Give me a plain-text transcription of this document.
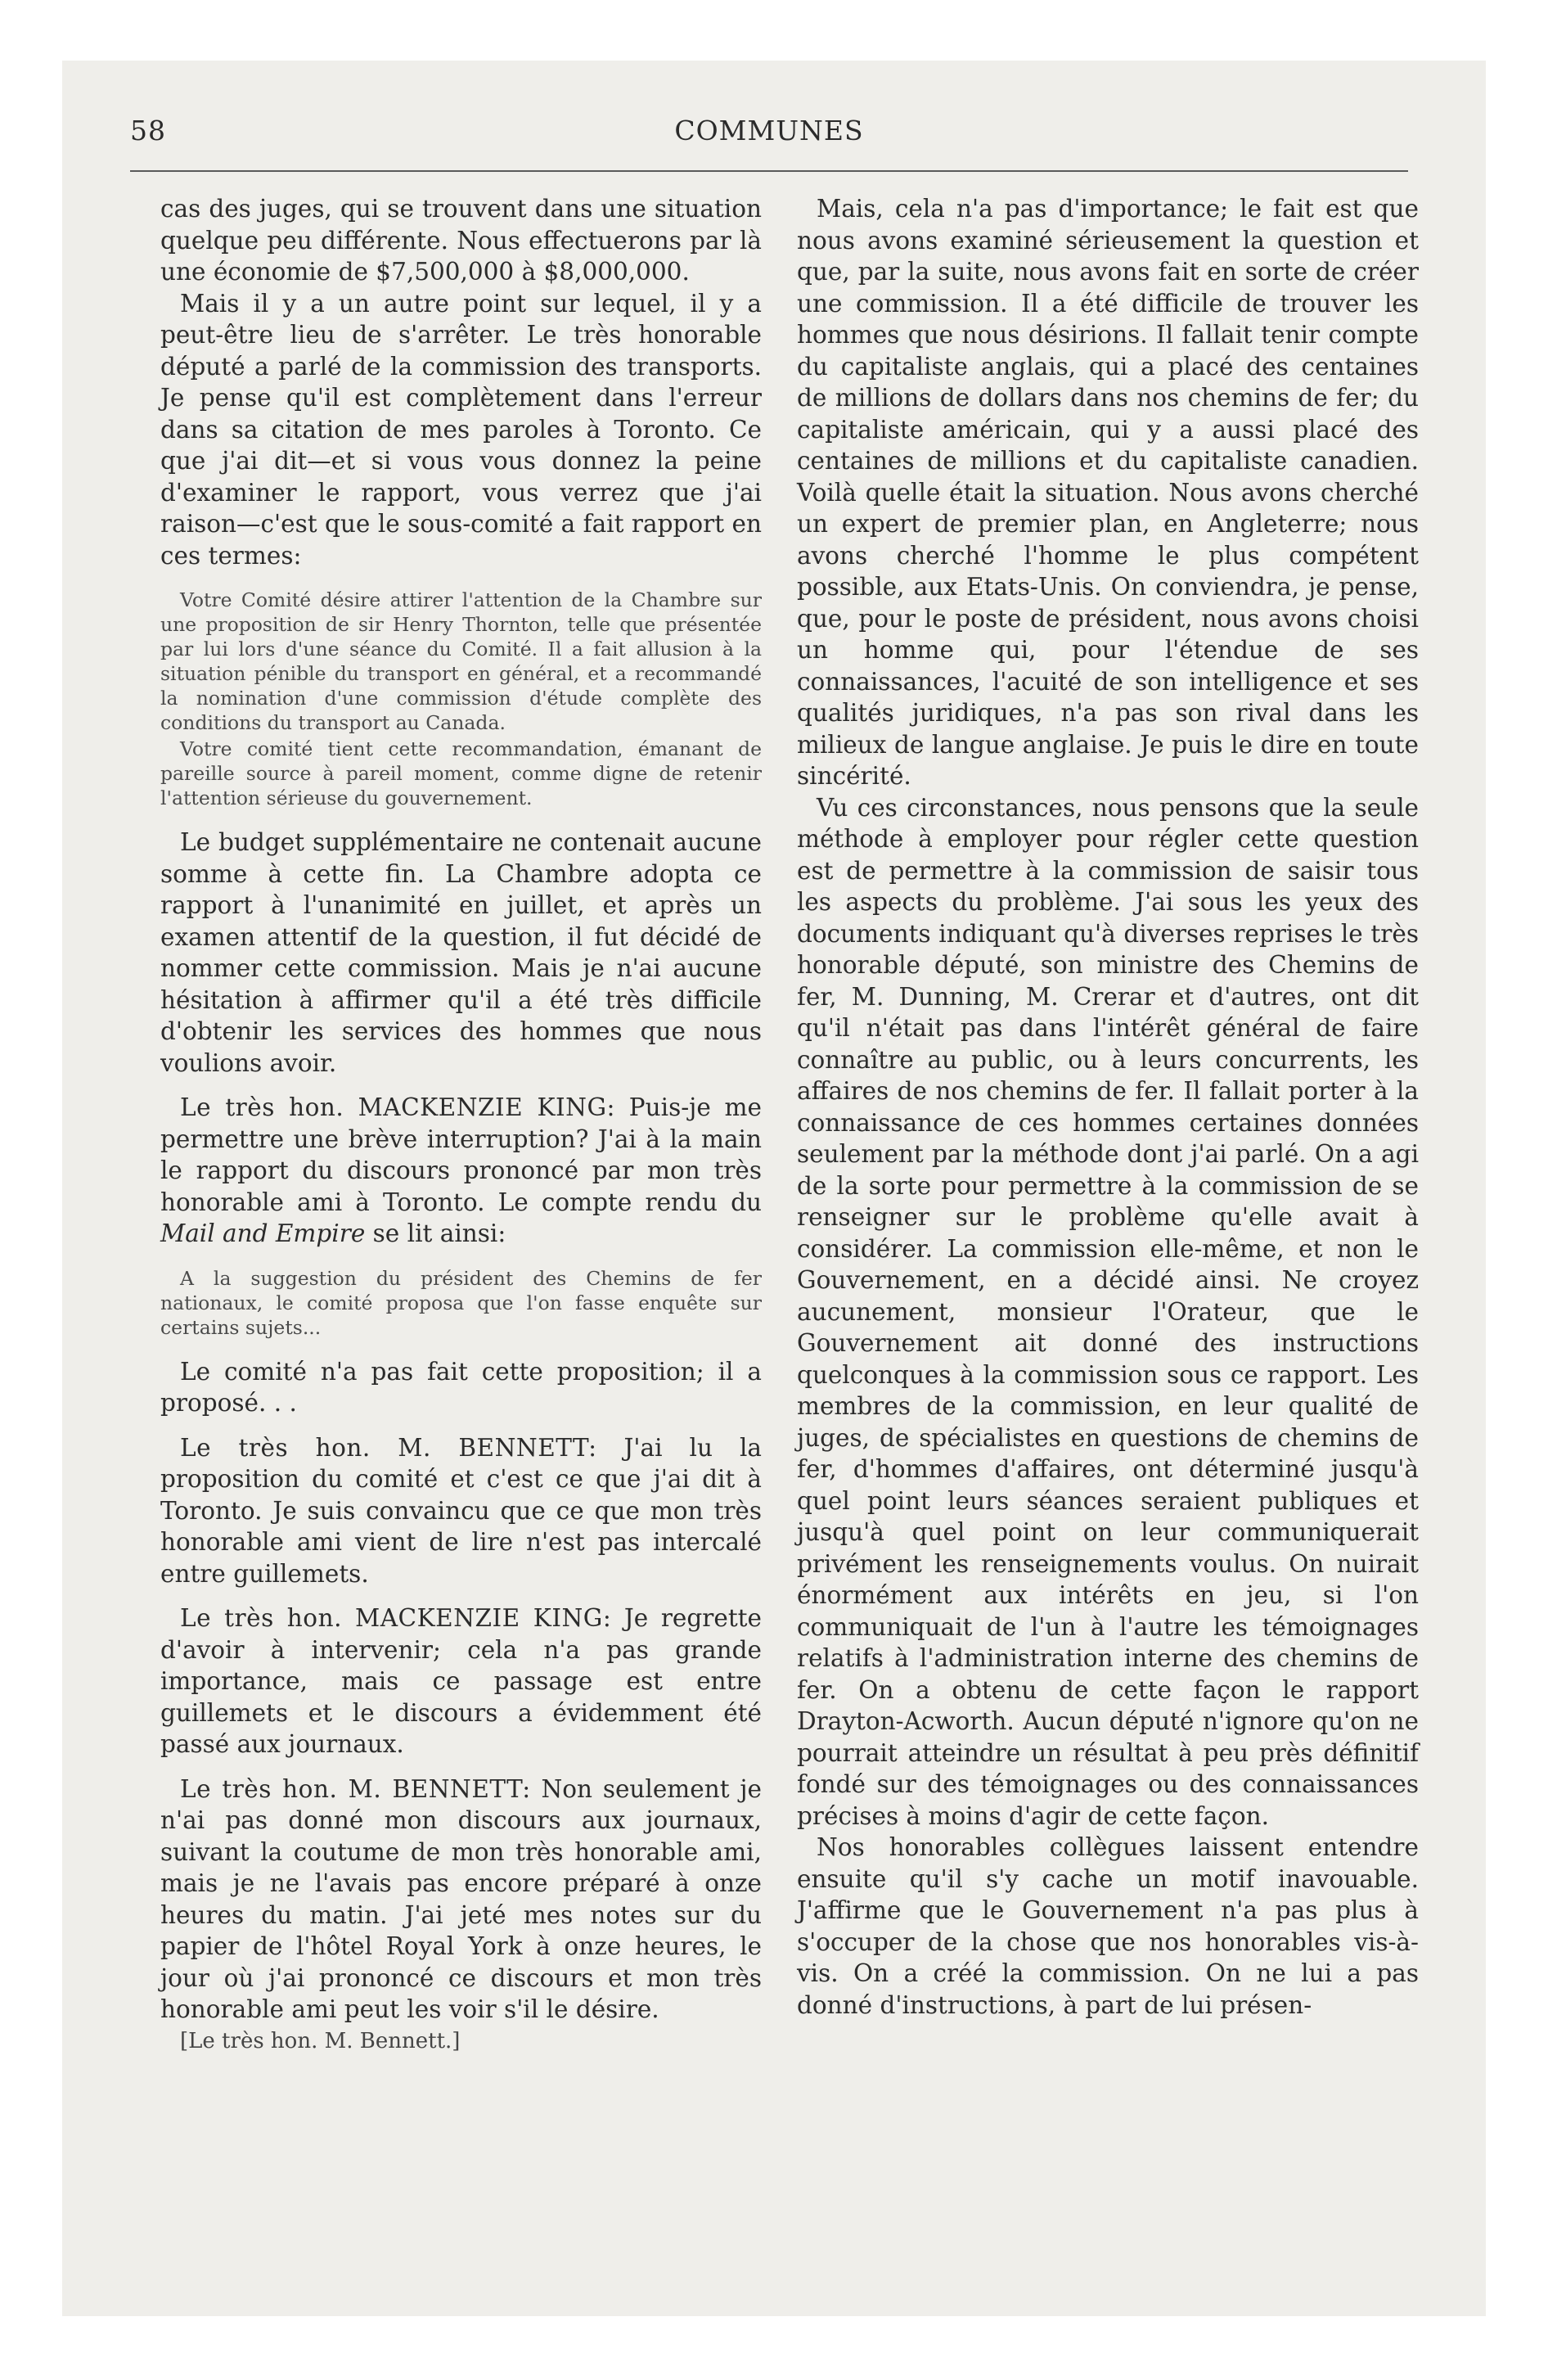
COMMUNES
58

cas des juges, qui se trouvent dans une situation quelque peu différente. Nous effectuerons par là une économie de $7,500,000 à $8,000,000.

Mais il y a un autre point sur lequel, il y a peut-être lieu de s'arrêter. Le très honorable député a parlé de la commission des transports. Je pense qu'il est complètement dans l'erreur dans sa citation de mes paroles à Toronto. Ce que j'ai dit—et si vous vous donnez la peine d'examiner le rapport, vous verrez que j'ai raison—c'est que le sous-comité a fait rapport en ces termes:

Votre Comité désire attirer l'attention de la Chambre sur une proposition de sir Henry Thornton, telle que présentée par lui lors d'une séance du Comité. Il a fait allusion à la situation pénible du transport en général, et a recommandé la nomination d'une commission d'étude complète des conditions du transport au Canada.

Votre comité tient cette recommandation, émanant de pareille source à pareil moment, comme digne de retenir l'attention sérieuse du gouvernement.

Le budget supplémentaire ne contenait aucune somme à cette fin. La Chambre adopta ce rapport à l'unanimité en juillet, et après un examen attentif de la question, il fut décidé de nommer cette commission. Mais je n'ai aucune hésitation à affirmer qu'il a été très difficile d'obtenir les services des hommes que nous voulions avoir.

Le très hon. MACKENZIE KING: Puis-je me permettre une brève interruption? J'ai à la main le rapport du discours prononcé par mon très honorable ami à Toronto. Le compte rendu du Mail and Empire se lit ainsi:

A la suggestion du président des Chemins de fer nationaux, le comité proposa que l'on fasse enquête sur certains sujets...

Le comité n'a pas fait cette proposition; il a proposé. . .

Le très hon. M. BENNETT: J'ai lu la proposition du comité et c'est ce que j'ai dit à Toronto. Je suis convaincu que ce que mon très honorable ami vient de lire n'est pas intercalé entre guillemets.

Le très hon. MACKENZIE KING: Je regrette d'avoir à intervenir; cela n'a pas grande importance, mais ce passage est entre guillemets et le discours a évidemment été passé aux journaux.

Le très hon. M. BENNETT: Non seulement je n'ai pas donné mon discours aux journaux, suivant la coutume de mon très honorable ami, mais je ne l'avais pas encore préparé à onze heures du matin. J'ai jeté mes notes sur du papier de l'hôtel Royal York à onze heures, le jour où j'ai prononcé ce discours et mon très honorable ami peut les voir s'il le désire.

[Le très hon. M. Bennett.]

Mais, cela n'a pas d'importance; le fait est que nous avons examiné sérieusement la question et que, par la suite, nous avons fait en sorte de créer une commission. Il a été difficile de trouver les hommes que nous désirions. Il fallait tenir compte du capitaliste anglais, qui a placé des centaines de millions de dollars dans nos chemins de fer; du capitaliste américain, qui y a aussi placé des centaines de millions et du capitaliste canadien. Voilà quelle était la situation. Nous avons cherché un expert de premier plan, en Angleterre; nous avons cherché l'homme le plus compétent possible, aux Etats-Unis. On conviendra, je pense, que, pour le poste de président, nous avons choisi un homme qui, pour l'étendue de ses connaissances, l'acuité de son intelligence et ses qualités juridiques, n'a pas son rival dans les milieux de langue anglaise. Je puis le dire en toute sincérité.

Vu ces circonstances, nous pensons que la seule méthode à employer pour régler cette question est de permettre à la commission de saisir tous les aspects du problème. J'ai sous les yeux des documents indiquant qu'à diverses reprises le très honorable député, son ministre des Chemins de fer, M. Dunning, M. Crerar et d'autres, ont dit qu'il n'était pas dans l'intérêt général de faire connaître au public, ou à leurs concurrents, les affaires de nos chemins de fer. Il fallait porter à la connaissance de ces hommes certaines données seulement par la méthode dont j'ai parlé. On a agi de la sorte pour permettre à la commission de se renseigner sur le problème qu'elle avait à considérer. La commission elle-même, et non le Gouvernement, en a décidé ainsi. Ne croyez aucunement, monsieur l'Orateur, que le Gouvernement ait donné des instructions quelconques à la commission sous ce rapport. Les membres de la commission, en leur qualité de juges, de spécialistes en questions de chemins de fer, d'hommes d'affaires, ont déterminé jusqu'à quel point leurs séances seraient publiques et jusqu'à quel point on leur communiquerait privément les renseignements voulus. On nuirait énormément aux intérêts en jeu, si l'on communiquait de l'un à l'autre les témoignages relatifs à l'administration interne des chemins de fer. On a obtenu de cette façon le rapport Drayton-Acworth. Aucun député n'ignore qu'on ne pourrait atteindre un résultat à peu près définitif fondé sur des témoignages ou des connaissances précises à moins d'agir de cette façon.

Nos honorables collègues laissent entendre ensuite qu'il s'y cache un motif inavouable. J'affirme que le Gouvernement n'a pas plus à s'occuper de la chose que nos honorables vis-à-vis. On a créé la commission. On ne lui a pas donné d'instructions, à part de lui présen-
